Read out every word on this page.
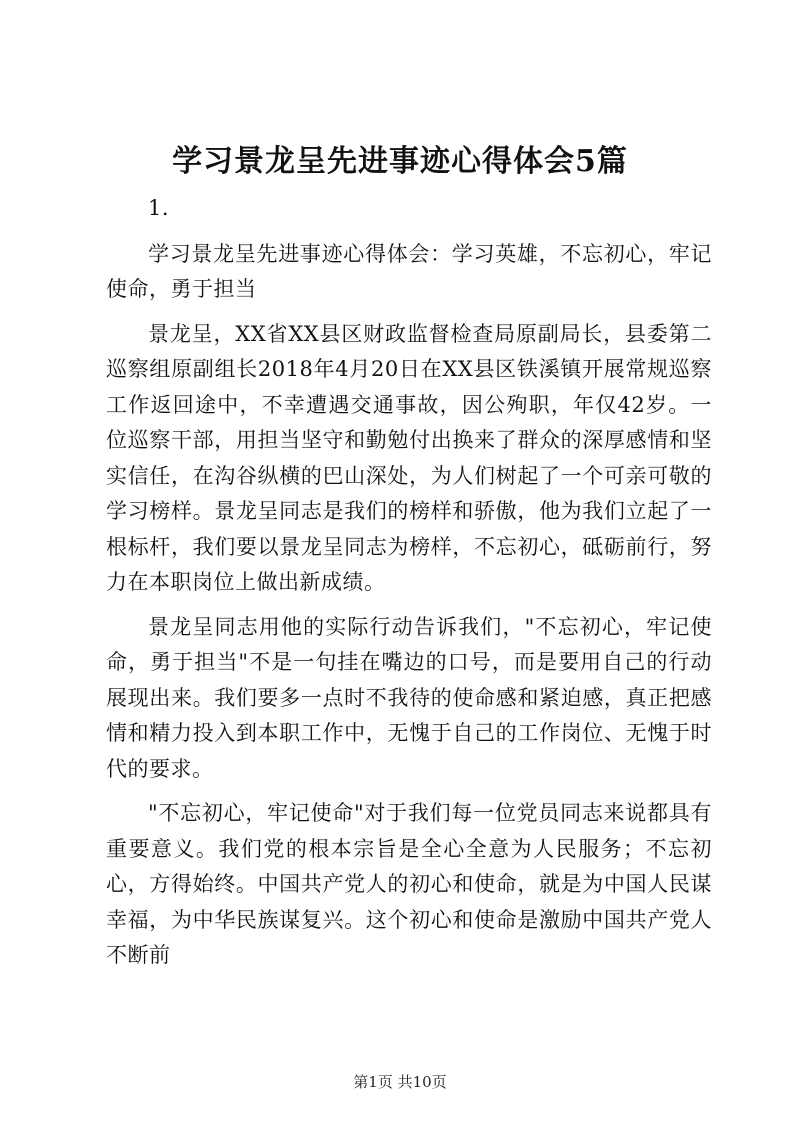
学习景龙呈先进事迹心得体会5篇

1.

学习景龙呈先进事迹心得体会：学习英雄，不忘初心，牢记使命，勇于担当

景龙呈，XX省XX县区财政监督检查局原副局长，县委第二巡察组原副组长2018年4月20日在XX县区铁溪镇开展常规巡察工作返回途中，不幸遭遇交通事故，因公殉职，年仅42岁。一位巡察干部，用担当坚守和勤勉付出换来了群众的深厚感情和坚实信任，在沟谷纵横的巴山深处，为人们树起了一个可亲可敬的学习榜样。景龙呈同志是我们的榜样和骄傲，他为我们立起了一根标杆，我们要以景龙呈同志为榜样，不忘初心，砥砺前行，努力在本职岗位上做出新成绩。

景龙呈同志用他的实际行动告诉我们，"不忘初心，牢记使命，勇于担当"不是一句挂在嘴边的口号，而是要用自己的行动展现出来。我们要多一点时不我待的使命感和紧迫感，真正把感情和精力投入到本职工作中，无愧于自己的工作岗位、无愧于时代的要求。

"不忘初心，牢记使命"对于我们每一位党员同志来说都具有重要意义。我们党的根本宗旨是全心全意为人民服务；不忘初心，方得始终。中国共产党人的初心和使命，就是为中国人民谋幸福，为中华民族谋复兴。这个初心和使命是激励中国共产党人不断前

第1页 共10页
